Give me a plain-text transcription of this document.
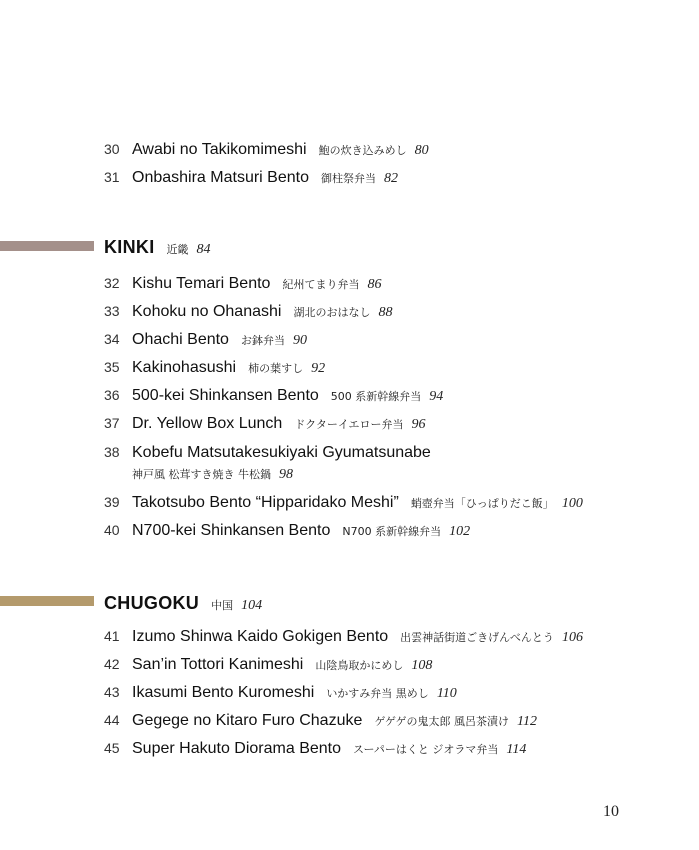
30 Awabi no Takikomimeshi 鮑の炊き込みめし 80
31 Onbashira Matsuri Bento 御柱祭弁当 82
KINKI 近畿 84
32 Kishu Temari Bento 紀州てまり弁当 86
33 Kohoku no Ohanashi 湖北のおはなし 88
34 Ohachi Bento お鉢弁当 90
35 Kakinohasushi 柿の葉すし 92
36 500-kei Shinkansen Bento 500 系新幹線弁当 94
37 Dr. Yellow Box Lunch ドクターイエロー弁当 96
38 Kobefu Matsutakesukiyaki Gyumatsunabe
神戸風 松茸すき焼き 牛松鍋 98
39 Takotsubo Bento “Hipparidako Meshi” 蛸壺弁当「ひっぱりだこ飯」 100
40 N700-kei Shinkansen Bento N700 系新幹線弁当 102
CHUGOKU 中国 104
41 Izumo Shinwa Kaido Gokigen Bento 出雲神話街道ごきげんべんとう 106
42 San’in Tottori Kanimeshi 山陰鳥取かにめし 108
43 Ikasumi Bento Kuromeshi いかすみ弁当 黒めし 110
44 Gegege no Kitaro Furo Chazuke ゲゲゲの鬼太郎 風呂茶漬け 112
45 Super Hakuto Diorama Bento スーパーはくと ジオラマ弁当 114
10
